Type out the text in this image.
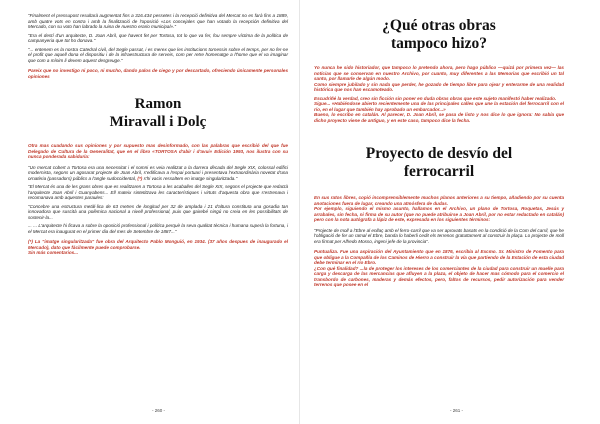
"Finalment el pressupost resultarà augmentat fins a 316.434 pessetes i la recepció definitiva del Mercat no es farà fins a 1889, amb quatre vots en contra i amb la finalització de l'oposició «Los concejales que han votado la recepción definitiva del Mercado, con su voto han labrado la ruina de nuestro erario municipal»."

"Era el destí d'un arquitecte, D. Joan Abril, que havent fet per Tortosa, tot lo que va fer, fou sempre víctima de la política de campanyeria que tot ho donava."

"... entenem es la nostra Catedral civil, del Segle passat, i es merex que les institucions tornessin sobre el temps, per no fer-ne el profit que aquell dona el dispositiu i de la infraestructura de serveis, com per retre homenatge a l'home que el va imaginar que com a mínim li devem aquest desgreuge."

Pareix que no investigo ni poco, ni mucho, dando palos de ciego y por descartado, ofreciendo únicamente personales opiniones

Ramon
Miravall i Dolç

Otra mas cuadando sus opiniones y por supuesto mas desinformado, con las palabras que escribió del que fue Delegado de Cultura de la Generalitat, que en el libro «TORTOSA d'abir i d'avui» Edición 1993, nos ilustra con su nunca ponderada sabiduria:

"Un mercat cobert a Tortosa era una necessitat i el somni es veia realitzat a la darrera dècada del Segle XIX, colossal edifici modernista, segons un agosarat projecte de Joan Abril, s'edificava a l'espai portuari i presentava l'extraordinària novetat d'una ornatèria (passadors) públics a l'angle sudoccidental, (*) s'hi vacis ressaltem en imatge singularitzada."

"El Mercat és una de les grans obres que es realitzaren a Tortosa a les acaballes del Segle XIX, segons el projecte que redactà l'arquitecte Joan Abril i Guanyabens... Ell mateix sintetitzava les característiques i virtuts d'aquesta obra que s'estrenava i recomanava amb aquestes paraules:

"Concebre una estructura metàl·lica de 63 metres de longitud per 32 de amplada i 21 d'altura constituïa una gosadia tan innovadora que suscità una polèmica nacional a nivell professional, puix que gairebé ningú no creia en les possibilitats de sostenir-la...

... ... L'arquitecte hi ficava a sobre la oposició professional i política perquè la seva qualitat tècnica i humana superà la fortuna, i el Mercat era inaugurat en el primer dia del mes de Setembre de 1887..."

(*) La "imatge singularitzada" fue obra del Arquitecto Pablo Monguió, en 1934. (37 años despues de inaugurado el Mercado), dato que fácilmente puede comprobarse.

Sin más comentarios...

- 260 -
¿Qué otras obras
tampoco hizo?

Yo nunca he sido historiador, que tampoco lo pretendo ahora, pero hago público —quizá por primera vez— las noticias que se conservan en nuestro Archivo, por cuanto, muy diferentes a las Memorias que escribió un tal santo, por llamarle de algún modo.

Como siempre jubilado y sin nada que perder, he gozado de tiempo libre para ojear y enterarme de una realidad histórica que nos han escamoteado.

Escudriñé la verdad, creo sin ficción sin poner en duda obras obras que este sujeto manifestó haber realizado.

Sigue... «Habiéndose abierto recientemente una de las principales calles que une la estación del ferrocarril con el río, en el lugar que también hay aprobado un embarcador...»

Bueno, lo escribo en catalán. Al parecer, D. Joan Abril, se pasa de listo y nos dice lo que ignora: No sabía que dicho proyecto viene de antiguo, y en este caso, tampoco dice la fecha.

Proyecto de desvío del
ferrocarril

En sus ratos libres, copió incomprensiblemente muchos planos anteriores a su tiempo, añadiendo por su cuenta anotaciones fuera de lugar, creando una atmósfera de dudas.

Por ejemplo, siguiendo el mismo asunto, hallamos en el Archivo, un plano de Tortosa, Roquetas, Jesús y arrabales, sin fecha, ni firma de su autor (que no puede atribuirse a Joan Abril, por no estar redactado en catalán) pero con la nota autógrafa a lápiz de este, expresada en los siguientes términos:

"Projecte de moll a l'Ebre al enllaç amb el ferro-carril que va ser aprovats basats en la condició de la Com del carril, que he l'obligació de fer un ramal el Ebre, banda lo haberli cedit els terrenos gratuïtament al construir la plaça. Lo projecte de moll era firmat per Alfredo Mosso, ingeni jefe de la provincia".

Puntualiza. Fue una aspiración del Ayuntamiento que en 1876, escribía al Excmo. Sr. Ministro de Fomento para que obligue a la Compañía de los Caminos de Hierro a construir la vía que partiendo de la Estación de esta ciudad debe terminar en el río Ebro.

¿Con qué finalidad? ...la de proteger los intereses de los comerciantes de la ciudad para construir un muelle para carga y descarga de las mercancías que afluyen a la plaza, el objeto de hacer mas cómodo para el comercio el transbordo de carbones, maderas y demás efectos, pero, faltos de recursos, pedir autorización para vender terrenos que posee en el

- 261 -
